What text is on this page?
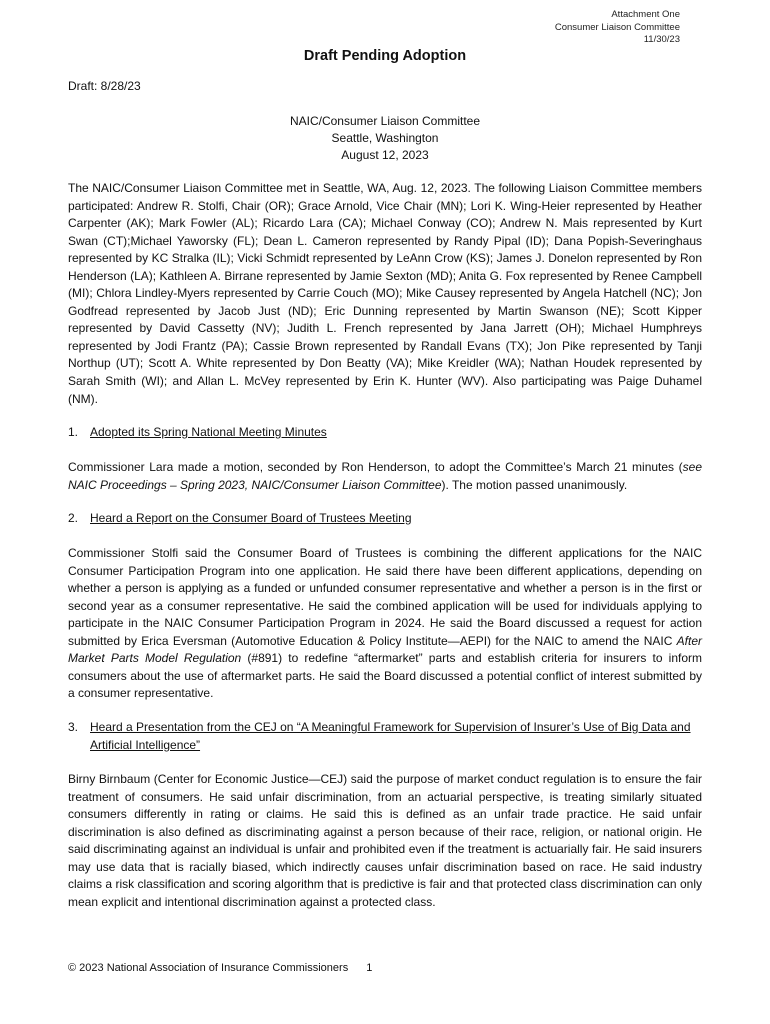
Attachment One
Consumer Liaison Committee
11/30/23
Draft Pending Adoption
Draft: 8/28/23
NAIC/Consumer Liaison Committee
Seattle, Washington
August 12, 2023
The NAIC/Consumer Liaison Committee met in Seattle, WA, Aug. 12, 2023. The following Liaison Committee members participated: Andrew R. Stolfi, Chair (OR); Grace Arnold, Vice Chair (MN); Lori K. Wing-Heier represented by Heather Carpenter (AK); Mark Fowler (AL); Ricardo Lara (CA); Michael Conway (CO); Andrew N. Mais represented by Kurt Swan (CT);Michael Yaworsky (FL); Dean L. Cameron represented by Randy Pipal (ID); Dana Popish-Severinghaus represented by KC Stralka (IL); Vicki Schmidt represented by LeAnn Crow (KS); James J. Donelon represented by Ron Henderson (LA); Kathleen A. Birrane represented by Jamie Sexton (MD); Anita G. Fox represented by Renee Campbell (MI); Chlora Lindley-Myers represented by Carrie Couch (MO); Mike Causey represented by Angela Hatchell (NC); Jon Godfread represented by Jacob Just (ND); Eric Dunning represented by Martin Swanson (NE); Scott Kipper represented by David Cassetty (NV); Judith L. French represented by Jana Jarrett (OH); Michael Humphreys represented by Jodi Frantz (PA); Cassie Brown represented by Randall Evans (TX); Jon Pike represented by Tanji Northup (UT); Scott A. White represented by Don Beatty (VA); Mike Kreidler (WA); Nathan Houdek represented by Sarah Smith (WI); and Allan L. McVey represented by Erin K. Hunter (WV). Also participating was Paige Duhamel (NM).
1. Adopted its Spring National Meeting Minutes
Commissioner Lara made a motion, seconded by Ron Henderson, to adopt the Committee’s March 21 minutes (see NAIC Proceedings – Spring 2023, NAIC/Consumer Liaison Committee). The motion passed unanimously.
2. Heard a Report on the Consumer Board of Trustees Meeting
Commissioner Stolfi said the Consumer Board of Trustees is combining the different applications for the NAIC Consumer Participation Program into one application. He said there have been different applications, depending on whether a person is applying as a funded or unfunded consumer representative and whether a person is in the first or second year as a consumer representative. He said the combined application will be used for individuals applying to participate in the NAIC Consumer Participation Program in 2024. He said the Board discussed a request for action submitted by Erica Eversman (Automotive Education & Policy Institute—AEPI) for the NAIC to amend the NAIC After Market Parts Model Regulation (#891) to redefine “aftermarket” parts and establish criteria for insurers to inform consumers about the use of aftermarket parts. He said the Board discussed a potential conflict of interest submitted by a consumer representative.
3. Heard a Presentation from the CEJ on “A Meaningful Framework for Supervision of Insurer’s Use of Big Data and Artificial Intelligence”
Birny Birnbaum (Center for Economic Justice—CEJ) said the purpose of market conduct regulation is to ensure the fair treatment of consumers. He said unfair discrimination, from an actuarial perspective, is treating similarly situated consumers differently in rating or claims. He said this is defined as an unfair trade practice. He said unfair discrimination is also defined as discriminating against a person because of their race, religion, or national origin. He said discriminating against an individual is unfair and prohibited even if the treatment is actuarially fair. He said insurers may use data that is racially biased, which indirectly causes unfair discrimination based on race. He said industry claims a risk classification and scoring algorithm that is predictive is fair and that protected class discrimination can only mean explicit and intentional discrimination against a protected class.
© 2023 National Association of Insurance Commissioners 1
